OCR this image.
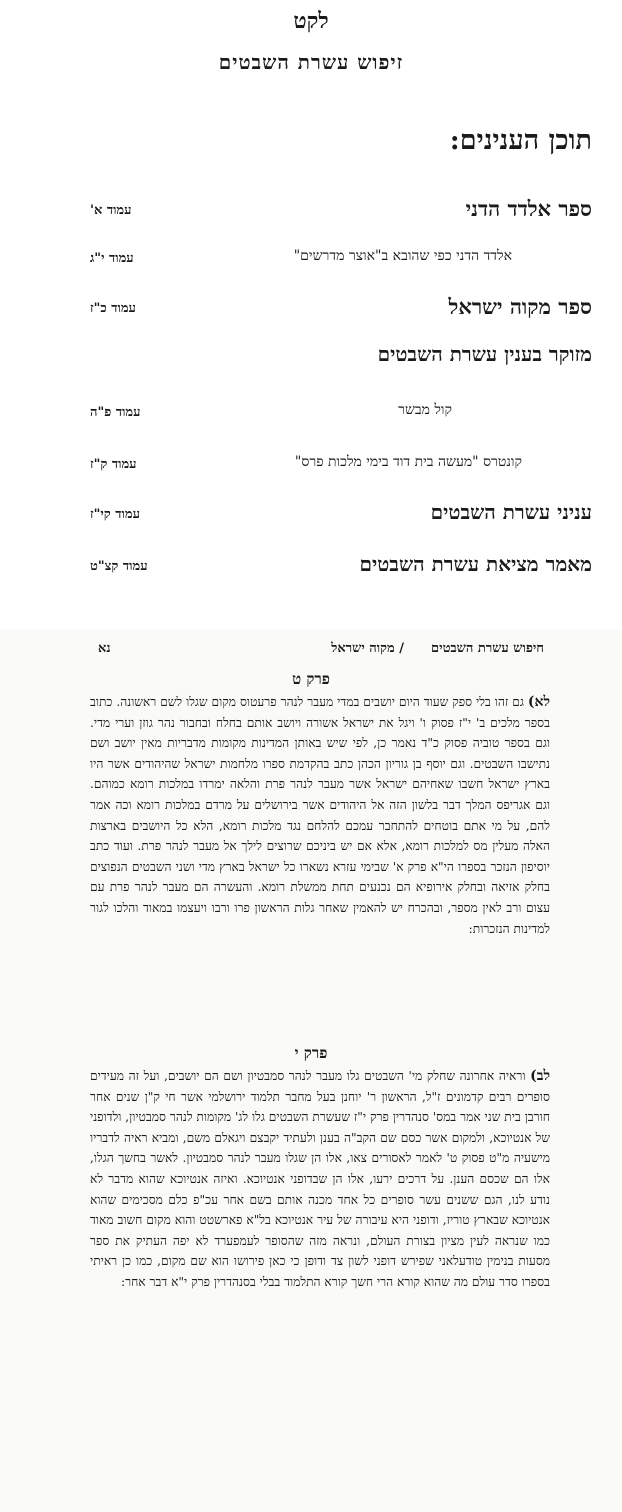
לקט
זיפוש עשרת השבטים
תוכן הענינים:
ספר אלדד הדני
עמוד א'
אלדד הדני כפי שהובא ב"אוצר מדרשים"
עמוד י"ג
ספר מקוה ישראל
עמוד כ"ז
מזוקר בענין עשרת השבטים
קול מבשר
עמוד פ"ה
קונטרס "מעשה בית דוד בימי מלכות פרס"
עמוד ק"ז
עניני עשרת השבטים
עמוד קי"ז
מאמר מציאת עשרת השבטים
עמוד קצ"ט
חיפוש עשרת השבטים
/ מקוה ישראל
נא
פרק ט
לא) גם זהו בלי ספק שעוד היום יושבים במדי מעבר לנהר פרעטוס מקום שגלו לשם ראשונה. כתוב בספר מלכים ב' י"ז פסוק ו' ויגל את ישראל אשורה ויושב אותם בחלח ובחבור נהר גוזן וערי מדי. וגם בספר טוביה פסוק כ"ד נאמר כן, לפי שיש באותן המדינות מקומות מדבריות מאין יושב ושם נתישבו השבטים. וגם יוסף בן גוריון הכהן כתב בהקדמת ספרו מלחמות ישראל שהיהודים אשר היו בארץ ישראל חשבו שאחיהם ישראל אשר מעבר לנהר פרת והלאה ימרדו במלכות רומא כמוהם. וגם אגריפס המלך דבר בלשון הזה אל היהודים אשר בירושלים על מרדם במלכות רומא וכה אמר להם, על מי אתם בוטחים להתחבר עמכם להלחם נגד מלכות רומא, הלא כל היושבים בארצות האלה מעלין מס למלכות רומא, אלא אם יש ביניכם שרוצים לילך אל מעבר לנהר פרת. ועוד כתב יוסיפון הנזכר בספרו הי"א פרק א' שבימי עזרא נשארו כל ישראל בארץ מדי ושני השבטים הנפוצים בחלק אזיאה ובחלק אירופיא הם נכנעים תחת ממשלת רומא. והעשרה הם מעבר לנהר פרת עם עצום ורב לאין מספר, ובהכרח יש להאמין שאחר גלות הראשון פרו ורבו ויעצמו במאוד והלכו לגור למדינות הנזכרות:
פרק י
לב) וראיה אחרונה שחלק מי' השבטים גלו מעבר לנהר סמבטיון ושם הם יושבים, ועל זה מעידים סופרים רבים קדמונים ז"ל, הראשון ר' יוחנן בעל מחבר תלמוד ירושלמי אשר חי ק"ן שנים אחר חורבן בית שני אמר במס' סנהדרין פרק י"ז שעשרת השבטים גלו לג' מקומות לנהר סמבטיון, ולדופני של אנטיוכא, ולמקום אשר כסם שם הקב"ה בענן ולעתיד יקבצם ויגאלם משם, ומביא ראיה לדבריו מישעיה מ"ט פסוק ט' לאמר לאסורים צאו, אלו הן שגלו מעבר לנהר סמבטיון. לאשר בחשך הגלו, אלו הם שכסם הענן. על דרכים ירעו, אלו הן שבדופני אנטיוכא. ואיזה אנטיוכא שהוא מדבר לא נודע לנו, הגם ששנים עשר סופרים כל אחד מכנה אותם בשם אחר עכ"פ כלם מסכימים שהוא אנטיוכא שבארץ טוריז, ודופני היא עיבורה של עיר אנטיוכא בל"א פארשטט והוא מקום חשוב מאוד כמו שנראה לעין מציון בצורת העולם, ונראה מזה שהסופר לעמפערד לא יפה העתיק את ספר מסעות בנימין טודעלאני שפירש דופני לשון צד ודופן כי כאן פירושו הוא שם מקום, כמו כן ראיתי בספרו סדר עולם מה שהוא קורא הרי חשך קורא התלמוד בבלי בסנהדרין פרק י"א דבר אחר:
